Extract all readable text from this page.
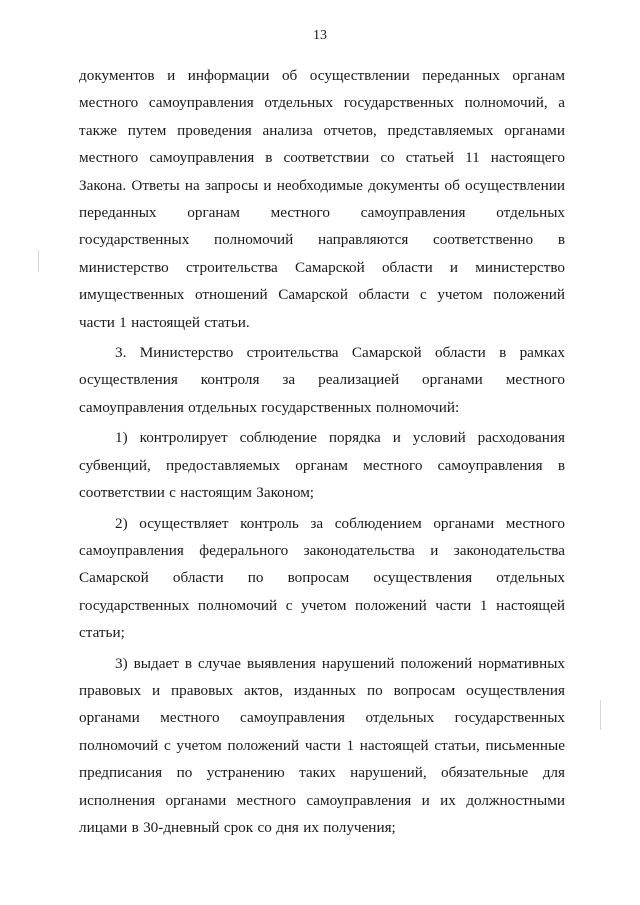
13

документов и информации об осуществлении переданных органам местного самоуправления отдельных государственных полномочий, а также путем проведения анализа отчетов, представляемых органами местного самоуправления в соответствии со статьей 11 настоящего Закона. Ответы на запросы и необходимые документы об осуществлении переданных органам местного самоуправления отдельных государственных полномочий направляются соответственно в министерство строительства Самарской области и министерство имущественных отношений Самарской области с учетом положений части 1 настоящей статьи.

3. Министерство строительства Самарской области в рамках осуществления контроля за реализацией органами местного самоуправления отдельных государственных полномочий:

1) контролирует соблюдение порядка и условий расходования субвенций, предоставляемых органам местного самоуправления в соответствии с настоящим Законом;

2) осуществляет контроль за соблюдением органами местного самоуправления федерального законодательства и законодательства Самарской области по вопросам осуществления отдельных государственных полномочий с учетом положений части 1 настоящей статьи;

3) выдает в случае выявления нарушений положений нормативных правовых и правовых актов, изданных по вопросам осуществления органами местного самоуправления отдельных государственных полномочий с учетом положений части 1 настоящей статьи, письменные предписания по устранению таких нарушений, обязательные для исполнения органами местного самоуправления и их должностными лицами в 30-дневный срок со дня их получения;
